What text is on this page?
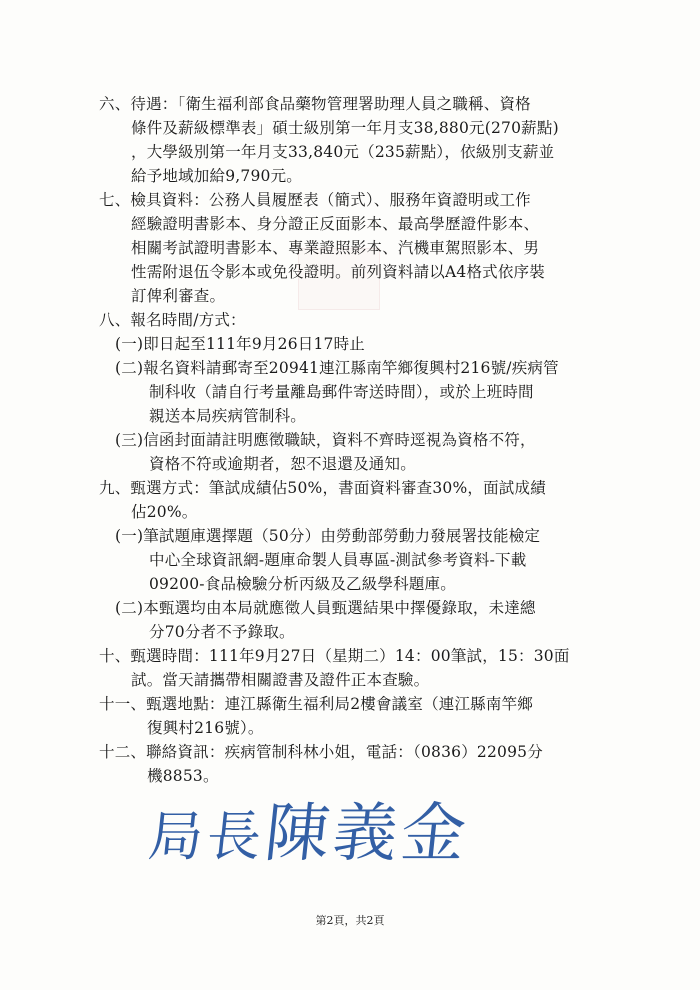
六、待遇：「衛生福利部食品藥物管理署助理人員之職稱、資格
條件及薪級標準表」碩士級別第一年月支38,880元(270薪點)
，大學級別第一年月支33,840元（235薪點），依級別支薪並
給予地域加給9,790元。
七、檢具資料：公務人員履歷表（簡式）、服務年資證明或工作
經驗證明書影本、身分證正反面影本、最高學歷證件影本、
相關考試證明書影本、專業證照影本、汽機車駕照影本、男
性需附退伍令影本或免役證明。前列資料請以A4格式依序裝
訂俾利審查。
八、報名時間/方式：
(一)即日起至111年9月26日17時止
(二)報名資料請郵寄至20941連江縣南竿鄉復興村216號/疾病管
制科收（請自行考量離島郵件寄送時間），或於上班時間
親送本局疾病管制科。
(三)信函封面請註明應徵職缺，資料不齊時逕視為資格不符，
資格不符或逾期者，恕不退還及通知。
九、甄選方式：筆試成績佔50%，書面資料審查30%，面試成績
佔20%。
(一)筆試題庫選擇題（50分）由勞動部勞動力發展署技能檢定
中心全球資訊網-題庫命製人員專區-測試參考資料-下載
09200-食品檢驗分析丙級及乙級學科題庫。
(二)本甄選均由本局就應徵人員甄選結果中擇優錄取，未達總
分70分者不予錄取。
十、甄選時間：111年9月27日（星期二）14：00筆試，15：30面
試。當天請攜帶相關證書及證件正本查驗。
十一、甄選地點：連江縣衛生福利局2樓會議室（連江縣南竿鄉
復興村216號）。
十二、聯絡資訊：疾病管制科林小姐，電話：（0836）22095分
機8853。
局長陳義金
第2頁，共2頁
